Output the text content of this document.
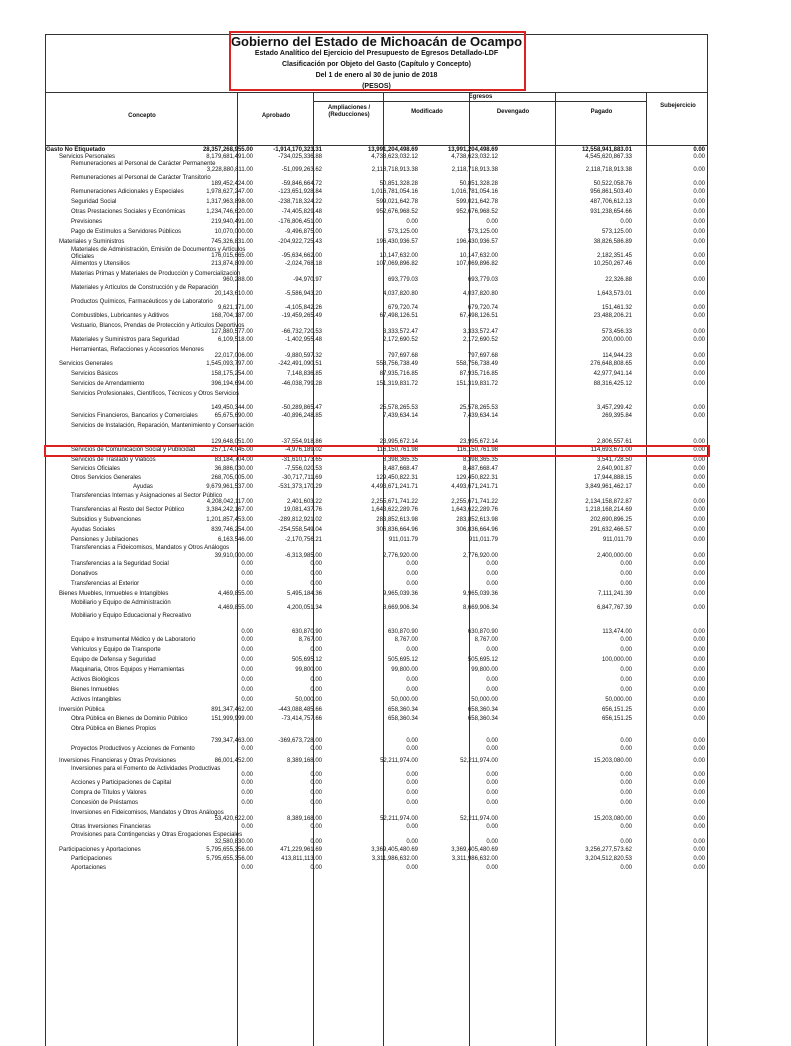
Gobierno del Estado de Michoacán de Ocampo
Estado Analítico del Ejercicio del Presupuesto de Egresos Detallado-LDF
Clasificación por Objeto del Gasto (Capítulo y Concepto)
Del 1 de enero al 30 de junio de 2018
(PESOS)
Concepto	Aprobado
Egresos
Ampliaciones / (Reducciones)	Modificado	Devengado	Pagado
Subejercicio
Gasto No Etiquetado	28,357,268,955.00	-1,914,170,323.31	13,991,204,498.69	13,991,204,498.69	12,558,941,883.01	0.00
Servicios Personales	8,179,681,491.00	-734,025,336.88	4,738,623,032.12	4,738,623,032.12	4,545,620,867.33	0.00
Remuneraciones al Personal de Carácter Permanente
3,228,880,811.00	-51,099,263.62	2,118,718,913.38	2,118,718,913.38	2,118,718,913.38	0.00
Remuneraciones al Personal de Carácter Transitorio
189,452,424.00	-59,846,664.72	50,851,328.28	50,851,328.28	50,522,058.76	0.00
Remuneraciones Adicionales y Especiales	1,978,627,247.00	-123,651,928.84	1,016,781,054.16	1,016,781,054.16	956,861,503.40	0.00
Seguridad Social	1,317,963,898.00	-238,718,324.22	599,021,642.78	599,021,642.78	487,706,612.13	0.00
Otras Prestaciones Sociales y Económicas	1,234,746,620.00	-74,405,829.48	952,676,968.52	952,676,968.52	931,238,654.66	0.00
Previsiones	219,940,491.00	-176,806,451.00	0.00	0.00	0.00	0.00
Pago de Estímulos a Servidores Públicos	10,070,000.00	-9,496,875.00	573,125.00	573,125.00	573,125.00	0.00
Materiales y Suministros	745,326,831.00	-204,922,725.43	196,430,936.57	196,430,936.57	38,826,586.89	0.00
Materiales de Administración, Emisión de Documentos y Artículos Oficiales	176,015,665.00	-95,634,662.00	10,147,632.00	10,147,632.00	2,182,351.45	0.00
Alimentos y Utensilios	213,874,809.00	-2,024,768.18	107,069,896.82	107,069,896.82	10,250,267.46	0.00
Materias Primas y Materiales de Producción y Comercialización
960,288.00	-94,970.97	693,779.03	693,779.03	22,326.88	0.00
Materiales y Artículos de Construcción y de Reparación
20,143,610.00	-5,586,943.20	4,037,820.80	4,037,820.80	1,643,573.01	0.00
Productos Químicos, Farmacéuticos y de Laboratorio
9,621,171.00	-4,105,842.26	679,720.74	679,720.74	151,461.32	0.00
Combustibles, Lubricantes y Aditivos	168,704,187.00	-19,459,265.49	67,498,126.51	67,498,126.51	23,488,206.21	0.00
Vestuario, Blancos, Prendas de Protección y Artículos Deportivos
127,880,577.00	-66,732,720.53	3,333,572.47	3,333,572.47	573,456.33	0.00
Materiales y Suministros para Seguridad	6,109,518.00	-1,402,955.48	2,172,690.52	2,172,690.52	200,000.00	0.00
Herramientas, Refacciones y Accesorios Menores
22,017,006.00	-9,880,597.32	797,697.68	797,697.68	114,944.23	0.00
Servicios Generales	1,545,093,797.00	-242,491,090.51	558,756,738.49	558,756,738.49	276,648,808.65	0.00
Servicios Básicos	158,175,254.00	7,148,836.85	87,935,716.85	87,935,716.85	42,977,941.14	0.00
Servicios de Arrendamiento	396,194,694.00	-46,038,799.28	151,319,831.72	151,319,831.72	88,316,425.12	0.00
Servicios Profesionales, Científicos, Técnicos y Otros Servicios
149,450,344.00	-50,289,865.47	25,578,265.53	25,578,265.53	3,457,299.42	0.00
Servicios Financieros, Bancarios y Comerciales	65,675,690.00	-40,896,248.85	7,439,634.14	7,439,634.14	269,395.84	0.00
Servicios de Instalación, Reparación, Mantenimiento y Conservación
129,648,051.00	-37,554,918.86	23,995,672.14	23,995,672.14	2,806,557.61	0.00
Servicios de Comunicación Social y Publicidad	257,174,045.00	-4,976,189.02	116,150,761.98	116,150,761.98	114,693,671.00	0.00
Servicios de Traslado y Viáticos	83,184,704.00	-31,610,173.65	8,398,365.35	8,398,365.35	3,541,728.50	0.00
Servicios Oficiales	36,886,030.00	-7,556,020.53	8,487,668.47	8,487,668.47	2,640,901.87	0.00
Otros Servicios Generales	268,705,005.00	-30,717,711.69	129,450,822.31	129,450,822.31	17,944,888.15	0.00
Ayudas	9,679,961,537.00	-531,373,170.29	4,493,671,241.71	4,493,671,241.71	3,849,961,462.17	0.00
Transferencias Internas y Asignaciones al Sector Público
4,208,042,117.00	2,401,603.22	2,255,671,741.22	2,255,671,741.22	2,134,158,872.87	0.00
Transferencias al Resto del Sector Público	3,384,242,167.00	19,081,437.76	1,643,622,289.76	1,643,622,289.76	1,218,168,214.69	0.00
Subsidios y Subvenciones	1,201,857,453.00	-289,812,921.02	283,852,613.98	283,852,613.98	202,690,896.25	0.00
Ayudas Sociales	839,746,254.00	-254,558,549.04	306,836,664.96	306,836,664.96	291,632,466.57	0.00
Pensiones y Jubilaciones	6,163,546.00	-2,170,756.21	911,011.79	911,011.79	911,011.79	0.00
Transferencias a Fideicomisos, Mandatos y Otros Análogos
39,910,000.00	-6,313,985.00	2,776,920.00	2,776,920.00	2,400,000.00	0.00
Transferencias a la Seguridad Social	0.00	0.00	0.00	0.00	0.00	0.00
Donativos	0.00	0.00	0.00	0.00	0.00	0.00
Transferencias al Exterior	0.00	0.00	0.00	0.00	0.00	0.00
Bienes Muebles, Inmuebles e Intangibles	4,469,855.00	5,495,184.36	9,965,039.36	9,965,039.36	7,111,241.39	0.00
Mobiliario y Equipo de Administración
4,469,855.00	4,200,051.34	8,669,906.34	8,669,906.34	6,847,767.39	0.00
Mobiliario y Equipo Educacional y Recreativo
0.00	630,870.90	630,870.90	630,870.90	113,474.00	0.00
Equipo e Instrumental Médico y de Laboratorio	0.00	8,767.00	8,767.00	8,767.00	0.00	0.00
Vehículos y Equipo de Transporte	0.00	0.00	0.00	0.00	0.00	0.00
Equipo de Defensa y Seguridad	0.00	505,695.12	505,695.12	505,695.12	100,000.00	0.00
Maquinaria, Otros Equipos y Herramientas	0.00	99,800.00	99,800.00	99,800.00	0.00	0.00
Activos Biológicos	0.00	0.00	0.00	0.00	0.00	0.00
Bienes Inmuebles	0.00	0.00	0.00	0.00	0.00	0.00
Activos Intangibles	0.00	50,000.00	50,000.00	50,000.00	50,000.00	0.00
Inversión Pública	891,347,462.00	-443,088,485.66	658,360.34	658,360.34	656,151.25	0.00
Obra Pública en Bienes de Dominio Público	151,999,999.00	-73,414,757.66	658,360.34	658,360.34	656,151.25	0.00
Obra Pública en Bienes Propios
739,347,463.00	-369,673,728.00	0.00	0.00	0.00	0.00
Proyectos Productivos y Acciones de Fomento	0.00	0.00	0.00	0.00	0.00	0.00
Inversiones Financieras y Otras Provisiones	86,001,452.00	8,389,168.00	52,211,974.00	52,211,974.00	15,203,080.00	0.00
Inversiones para el Fomento de Actividades Productivas
0.00	0.00	0.00	0.00	0.00	0.00
Acciones y Participaciones de Capital	0.00	0.00	0.00	0.00	0.00	0.00
Compra de Títulos y Valores	0.00	0.00	0.00	0.00	0.00	0.00
Concesión de Préstamos	0.00	0.00	0.00	0.00	0.00	0.00
Inversiones en Fideicomisos, Mandatos y Otros Análogos
53,420,622.00	8,389,168.00	52,211,974.00	52,211,974.00	15,203,080.00	0.00
Otras Inversiones Financieras	0.00	0.00	0.00	0.00	0.00	0.00
Provisiones para Contingencias y Otras Erogaciones Especiales
32,580,830.00	0.00	0.00	0.00	0.00	0.00
Participaciones y Aportaciones	5,795,655,356.00	471,229,961.69	3,369,405,480.69	3,369,405,480.69	3,256,277,573.62	0.00
Participaciones	5,795,655,356.00	413,811,113.00	3,311,986,632.00	3,311,986,632.00	3,204,512,820.53	0.00
Aportaciones	0.00	0.00	0.00	0.00	0.00	0.00
